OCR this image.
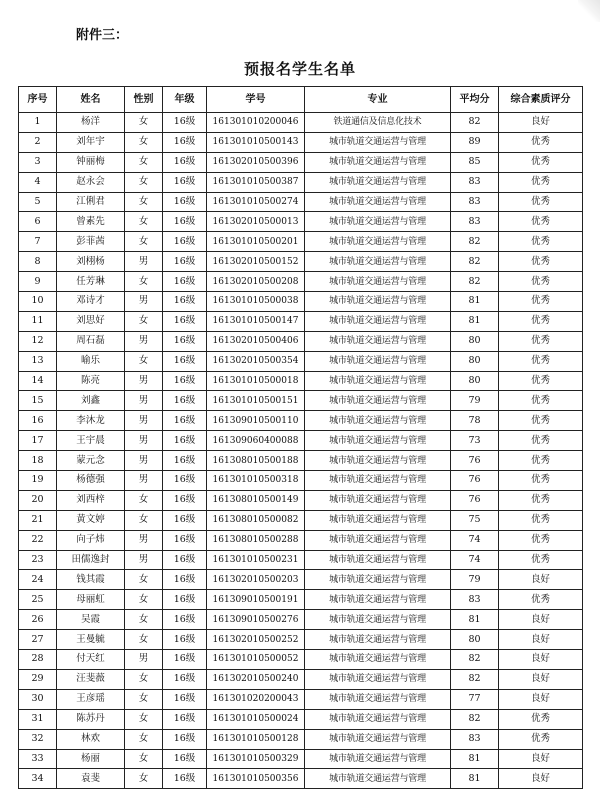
附件三：
预报名学生名单
序号	姓名	性别	年级	学号	专业	平均分	综合素质评分
1	杨洋	女	16级	161301010200046	铁道通信及信息化技术	82	良好
2	刘年宇	女	16级	161301010500143	城市轨道交通运营与管理	89	优秀
3	钟丽梅	女	16级	161302010500396	城市轨道交通运营与管理	85	优秀
4	赵永会	女	16级	161301010500387	城市轨道交通运营与管理	83	优秀
5	江俐君	女	16级	161301010500274	城市轨道交通运营与管理	83	优秀
6	曾素先	女	16级	161302010500013	城市轨道交通运营与管理	83	优秀
7	彭菲茜	女	16级	161301010500201	城市轨道交通运营与管理	82	优秀
8	刘栩杨	男	16级	161302010500152	城市轨道交通运营与管理	82	优秀
9	任芳琳	女	16级	161302010500208	城市轨道交通运营与管理	82	优秀
10	邓诗才	男	16级	161301010500038	城市轨道交通运营与管理	81	优秀
11	刘思好	女	16级	161301010500147	城市轨道交通运营与管理	81	优秀
12	周石磊	男	16级	161302010500406	城市轨道交通运营与管理	80	优秀
13	喻乐	女	16级	161302010500354	城市轨道交通运营与管理	80	优秀
14	陈亮	男	16级	161301010500018	城市轨道交通运营与管理	80	优秀
15	刘鑫	男	16级	161301010500151	城市轨道交通运营与管理	79	优秀
16	李沐龙	男	16级	161309010500110	城市轨道交通运营与管理	78	优秀
17	王宇晨	男	16级	161309060400088	城市轨道交通运营与管理	73	优秀
18	蒙元念	男	16级	161308010500188	城市轨道交通运营与管理	76	优秀
19	杨德强	男	16级	161301010500318	城市轨道交通运营与管理	76	优秀
20	刘西梓	女	16级	161308010500149	城市轨道交通运营与管理	76	优秀
21	黄文婷	女	16级	161308010500082	城市轨道交通运营与管理	75	优秀
22	向子炜	男	16级	161308010500288	城市轨道交通运营与管理	74	优秀
23	田儒逸封	男	16级	161301010500231	城市轨道交通运营与管理	74	优秀
24	钱其霞	女	16级	161302010500203	城市轨道交通运营与管理	79	良好
25	母丽虹	女	16级	161309010500191	城市轨道交通运营与管理	83	优秀
26	吴霞	女	16级	161309010500276	城市轨道交通运营与管理	81	良好
27	王曼毓	女	16级	161302010500252	城市轨道交通运营与管理	80	良好
28	付天红	男	16级	161301010500052	城市轨道交通运营与管理	82	良好
29	汪斐薇	女	16级	161302010500240	城市轨道交通运营与管理	82	良好
30	王彦瑶	女	16级	161301020200043	城市轨道交通运营与管理	77	良好
31	陈苏丹	女	16级	161301010500024	城市轨道交通运营与管理	82	优秀
32	林欢	女	16级	161301010500128	城市轨道交通运营与管理	83	优秀
33	杨丽	女	16级	161301010500329	城市轨道交通运营与管理	81	良好
34	袁斐	女	16级	161301010500356	城市轨道交通运营与管理	81	良好
